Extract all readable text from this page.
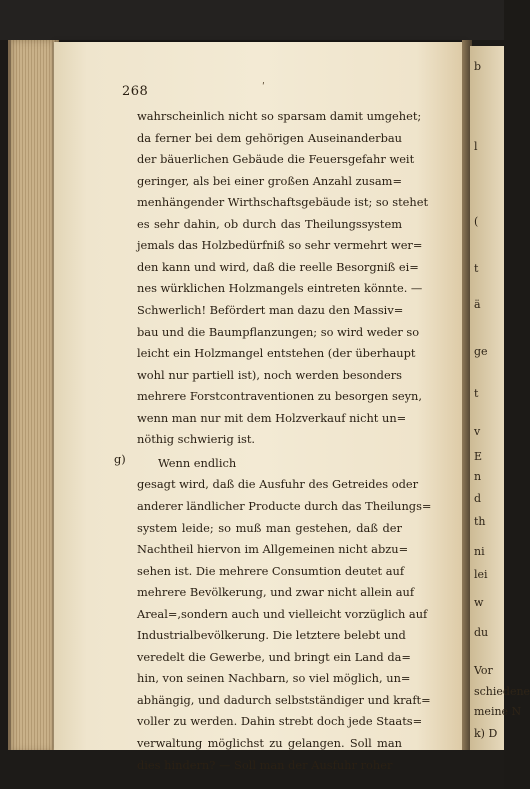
b
l
(
t
ä
ge
t
v
E
n
d
th
ni
lei
w
du
Vor
schiedene
meine N
k) D
268	ʹ
wahrscheinlich nicht so sparsam damit umgehet;
da ferner bei dem gehörigen Auseinanderbau
der bäuerlichen Gebäude die Feuersgefahr weit
geringer, als bei einer großen Anzahl zusam=
menhängender Wirthschaftsgebäude ist; so stehet
es sehr dahin, ob durch das Theilungssystem
jemals das Holzbedürfniß so sehr vermehrt wer=
den kann und wird, daß die reelle Besorgniß ei=
nes würklichen Holzmangels eintreten könnte. —
Schwerlich! Befördert man dazu den Massiv=
bau und die Baumpflanzungen; so wird weder so
leicht ein Holzmangel entstehen (der überhaupt
wohl nur partiell ist), noch werden besonders
mehrere Forstcontraventionen zu besorgen seyn,
wenn man nur mit dem Holzverkauf nicht un=
nöthig schwierig ist.
Wenn endlich
gesagt wird, daß die Ausfuhr des Getreides oder
anderer ländlicher Producte durch das Theilungs=
system leide; so muß man gestehen, daß der
Nachtheil hiervon im Allgemeinen nicht abzu=
sehen ist. Die mehrere Consumtion deutet auf
mehrere Bevölkerung, und zwar nicht allein auf
Areal=,sondern auch und vielleicht vorzüglich auf
Industrialbevölkerung. Die letztere belebt und
veredelt die Gewerbe, und bringt ein Land da=
hin, von seinen Nachbarn, so viel möglich, un=
abhängig, und dadurch selbstständiger und kraft=
voller zu werden. Dahin strebt doch jede Staats=
verwaltung möglichst zu gelangen. Soll man
dies hindern? — Soll man der Ausfuhr roher
g)
